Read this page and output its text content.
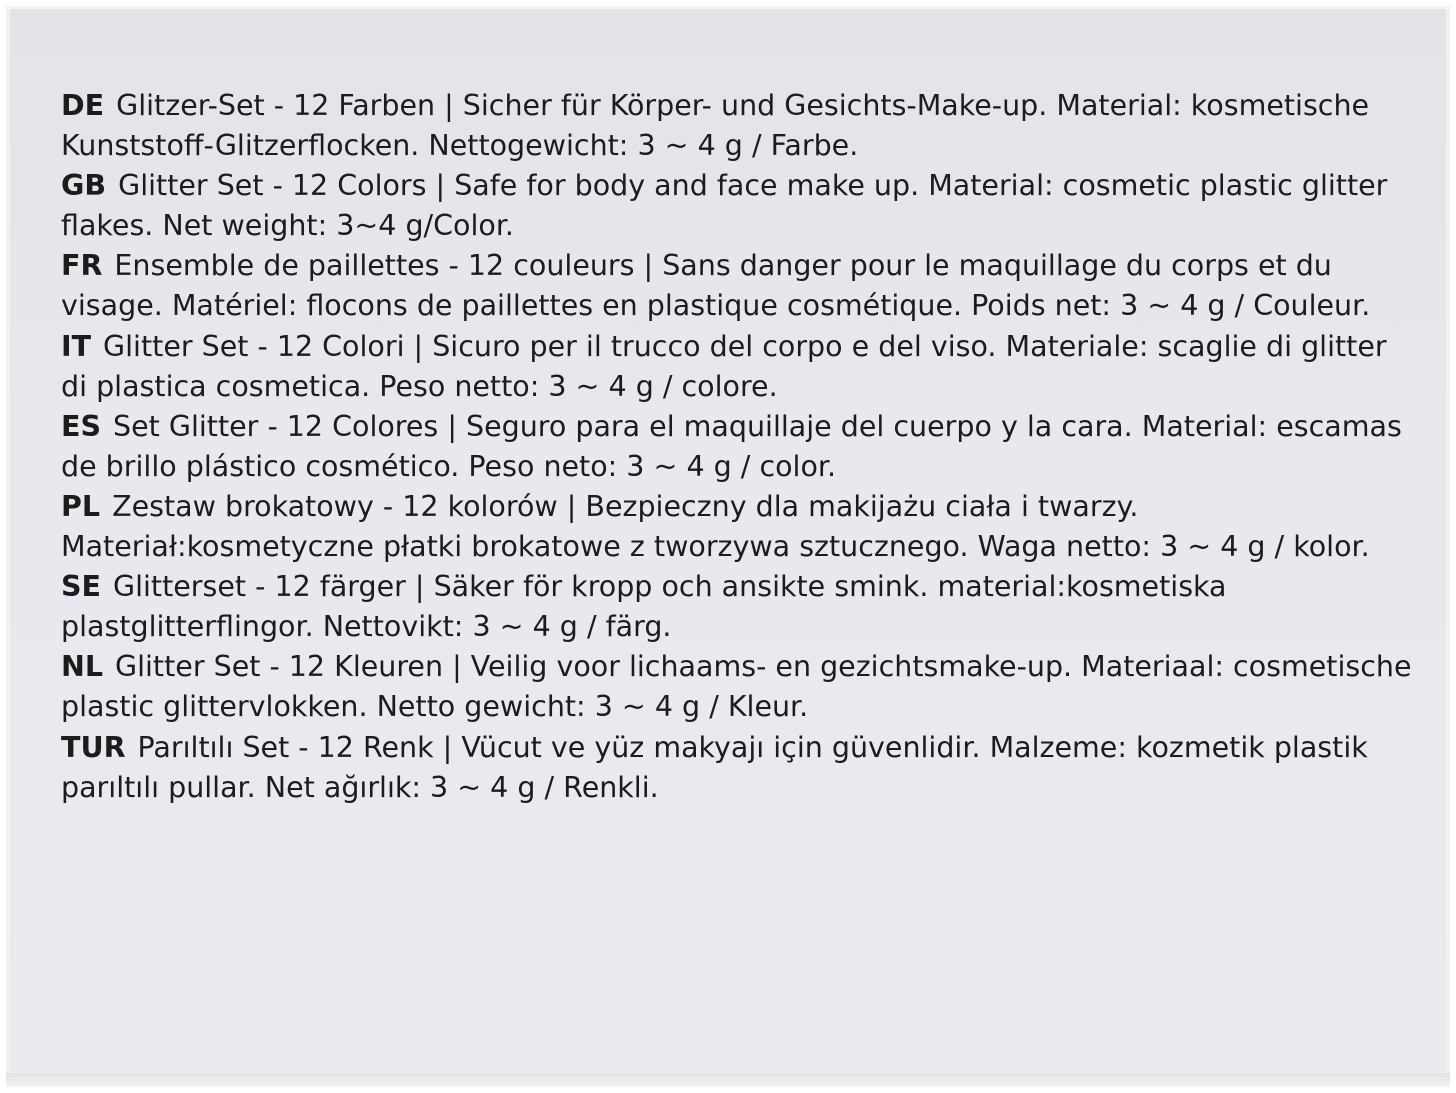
DE Glitzer-Set - 12 Farben | Sicher für Körper- und Gesichts-Make-up. Material: kosmetische Kunststoff-Glitzerflocken. Nettogewicht: 3 ~ 4 g / Farbe.

GB Glitter Set - 12 Colors | Safe for body and face make up. Material: cosmetic plastic glitter flakes. Net weight: 3~4 g/Color.

FR Ensemble de paillettes - 12 couleurs | Sans danger pour le maquillage du corps et du visage. Matériel: flocons de paillettes en plastique cosmétique. Poids net: 3 ~ 4 g / Couleur.

IT Glitter Set - 12 Colori | Sicuro per il trucco del corpo e del viso. Materiale: scaglie di glitter di plastica cosmetica. Peso netto: 3 ~ 4 g / colore.

ES Set Glitter - 12 Colores | Seguro para el maquillaje del cuerpo y la cara. Material: escamas de brillo plástico cosmético. Peso neto: 3 ~ 4 g / color.

PL Zestaw brokatowy - 12 kolorów | Bezpieczny dla makijażu ciała i twarzy. Materiał:kosmetyczne płatki brokatowe z tworzywa sztucznego. Waga netto: 3 ~ 4 g / kolor.

SE Glitterset - 12 färger | Säker för kropp och ansikte smink. material:kosmetiska plastglitterflingor. Nettovikt: 3 ~ 4 g / färg.

NL Glitter Set - 12 Kleuren | Veilig voor lichaams- en gezichtsmake-up. Materiaal: cosmetische plastic glittervlokken. Netto gewicht: 3 ~ 4 g / Kleur.

TUR Parıltılı Set - 12 Renk | Vücut ve yüz makyajı için güvenlidir. Malzeme: kozmetik plastik parıltılı pullar. Net ağırlık: 3 ~ 4 g / Renkli.
